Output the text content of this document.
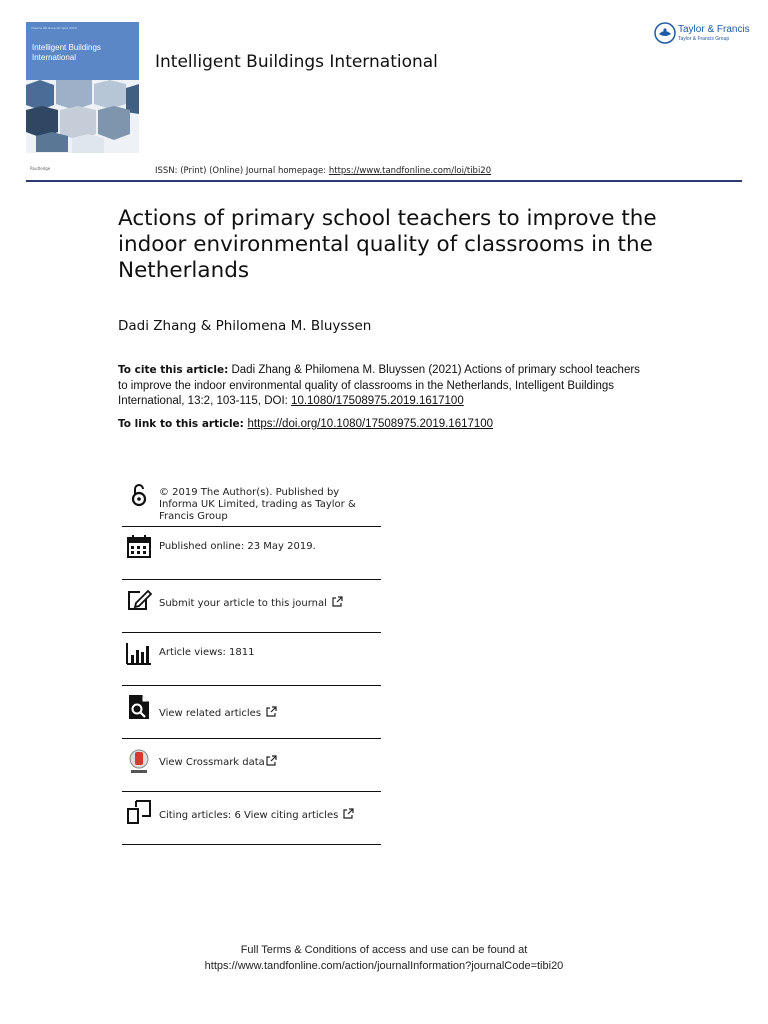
Volume 00 Issue 00 April 2019
Intelligent Buildings International
Routledge
Intelligent Buildings International
Taylor & Francis
Taylor & Francis Group
ISSN: (Print) (Online) Journal homepage: https://www.tandfonline.com/loi/tibi20
Actions of primary school teachers to improve the indoor environmental quality of classrooms in the Netherlands
Dadi Zhang & Philomena M. Bluyssen
To cite this article: Dadi Zhang & Philomena M. Bluyssen (2021) Actions of primary school teachers to improve the indoor environmental quality of classrooms in the Netherlands, Intelligent Buildings International, 13:2, 103-115, DOI: 10.1080/17508975.2019.1617100
To link to this article: https://doi.org/10.1080/17508975.2019.1617100
© 2019 The Author(s). Published by Informa UK Limited, trading as Taylor & Francis Group
Published online: 23 May 2019.
Submit your article to this journal
Article views: 1811
View related articles
View Crossmark data
Citing articles: 6 View citing articles
Full Terms & Conditions of access and use can be found at
https://www.tandfonline.com/action/journalInformation?journalCode=tibi20
